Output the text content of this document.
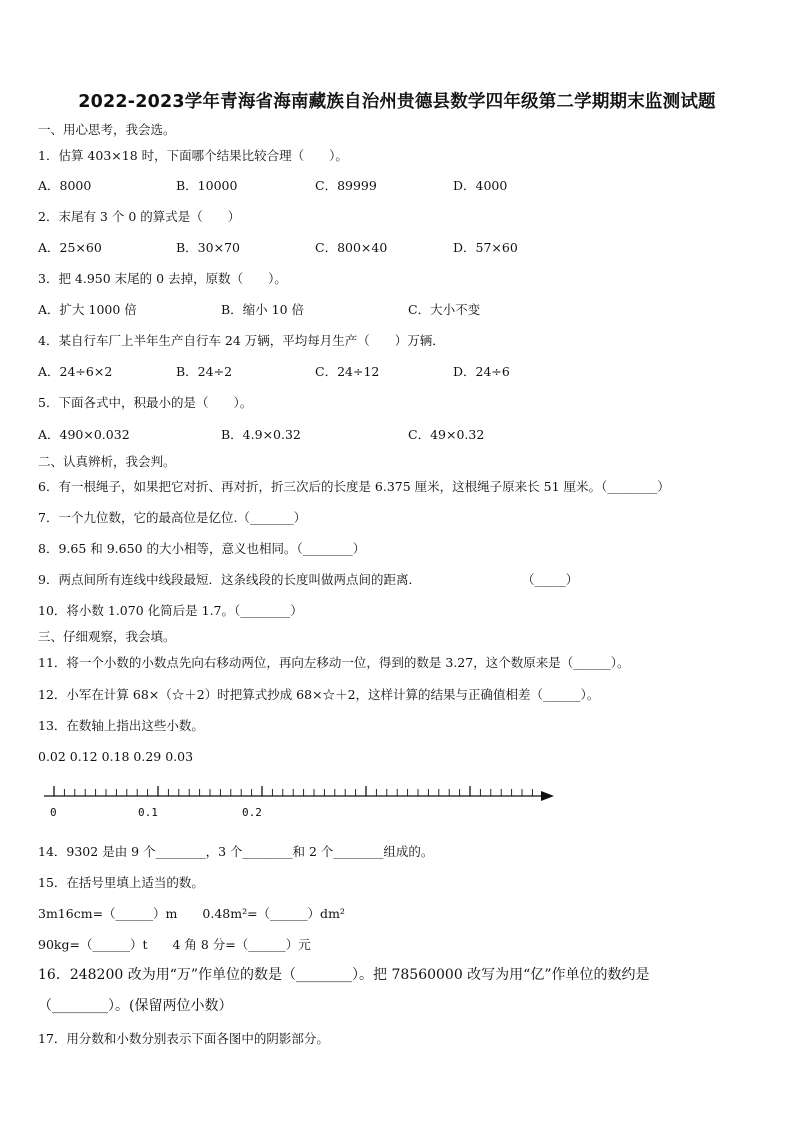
2022-2023学年青海省海南藏族自治州贵德县数学四年级第二学期期末监测试题
一、用心思考，我会选。
1．估算 403×18 时，下面哪个结果比较合理（　　）。
A．8000	B．10000	C．89999	D．4000
2．末尾有 3 个 0 的算式是（　　）
A．25×60	B．30×70	C．800×40	D．57×60
3．把 4.950 末尾的 0 去掉，原数（　　）。
A．扩大 1000 倍	B．缩小 10 倍	C．大小不变
4．某自行车厂上半年生产自行车 24 万辆，平均每月生产（　　）万辆．
A．24÷6×2	B．24÷2	C．24÷12	D．24÷6
5．下面各式中，积最小的是（　　）。
A．490×0.032	B．4.9×0.32	C．49×0.32
二、认真辨析，我会判。
6．有一根绳子，如果把它对折、再对折，折三次后的长度是 6.375 厘米，这根绳子原来长 51 厘米。（________）
7．一个九位数，它的最高位是亿位.（_______）
8．9.65 和 9.650 的大小相等，意义也相同。（________）
9．两点间所有连线中线段最短．这条线段的长度叫做两点间的距离．	（_____）
10．将小数 1.070 化简后是 1.7。（________）
三、仔细观察，我会填。
11．将一个小数的小数点先向右移动两位，再向左移动一位，得到的数是 3.27，这个数原来是（______）。
12．小军在计算 68×（☆＋2）时把算式抄成 68×☆＋2，这样计算的结果与正确值相差（______）。
13．在数轴上指出这些小数。
0.02 0.12 0.18 0.29 0.03
0	0.1	0.2
14．9302 是由 9 个________，3 个________和 2 个________组成的。
15．在括号里填上适当的数。
3m16cm=（______）m　　0.48m²=（______）dm²
90kg=（______）t　　4 角 8 分=（______）元
16．248200 改为用“万”作单位的数是（________）。把 78560000 改写为用“亿”作单位的数约是
（________）。(保留两位小数）
17．用分数和小数分别表示下面各图中的阴影部分。
